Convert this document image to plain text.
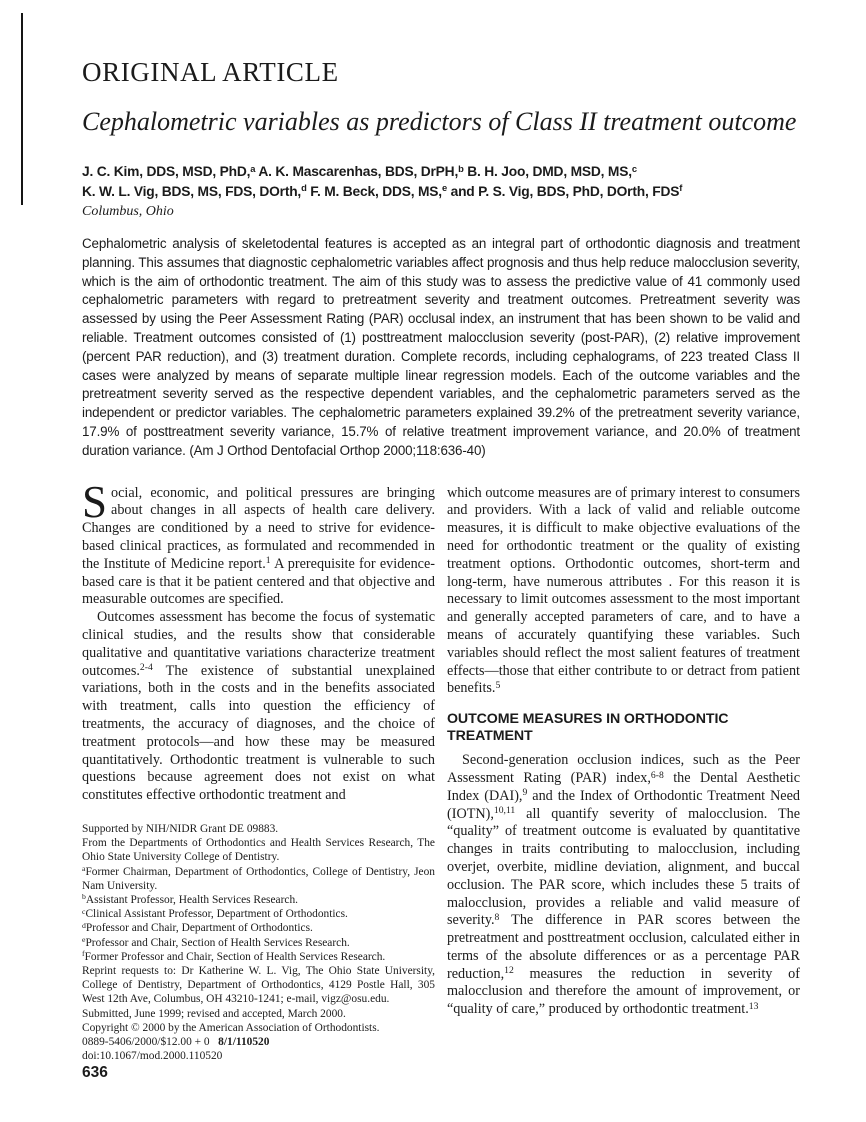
ORIGINAL ARTICLE
Cephalometric variables as predictors of Class II treatment outcome
J. C. Kim, DDS, MSD, PhD,$^a$ A. K. Mascarenhas, BDS, DrPH,$^b$ B. H. Joo, DMD, MSD, MS,$^c$
K. W. L. Vig, BDS, MS, FDS, DOrth,$^d$ F. M. Beck, DDS, MS,$^e$ and P. S. Vig, BDS, PhD, DOrth, FDS$^f$
Columbus, Ohio

Cephalometric analysis of skeletodental features is accepted as an integral part of orthodontic diagnosis and treatment planning. This assumes that diagnostic cephalometric variables affect prognosis and thus help reduce malocclusion severity, which is the aim of orthodontic treatment. The aim of this study was to assess the predictive value of 41 commonly used cephalometric parameters with regard to pretreatment severity and treatment outcomes. Pretreatment severity was assessed by using the Peer Assessment Rating (PAR) occlusal index, an instrument that has been shown to be valid and reliable. Treatment outcomes consisted of (1) posttreatment malocclusion severity (post-PAR), (2) relative improvement (percent PAR reduction), and (3) treatment duration. Complete records, including cephalograms, of 223 treated Class II cases were analyzed by means of separate multiple linear regression models. Each of the outcome variables and the pretreatment severity served as the respective dependent variables, and the cephalometric parameters served as the independent or predictor variables. The cephalometric parameters explained 39.2% of the pretreatment severity variance, 17.9% of posttreatment severity variance, 15.7% of relative treatment improvement variance, and 20.0% of treatment duration variance. (Am J Orthod Dentofacial Orthop 2000;118:636-40)

Social, economic, and political pressures are bringing about changes in all aspects of health care delivery. Changes are conditioned by a need to strive for evidence-based clinical practices, as formulated and recommended in the Institute of Medicine report.$^1$ A prerequisite for evidence-based care is that it be patient centered and that objective and measurable outcomes are specified.

Outcomes assessment has become the focus of systematic clinical studies, and the results show that considerable qualitative and quantitative variations characterize treatment outcomes.$^{2-4}$ The existence of substantial unexplained variations, both in the costs and in the benefits associated with treatment, calls into question the efficiency of treatments, the accuracy of diagnoses, and the choice of treatment protocols—and how these may be measured quantitatively. Orthodontic treatment is vulnerable to such questions because agreement does not exist on what constitutes effective orthodontic treatment and

Supported by NIH/NIDR Grant DE 09883.
From the Departments of Orthodontics and Health Services Research, The Ohio State University College of Dentistry.
$^a$Former Chairman, Department of Orthodontics, College of Dentistry, Jeon Nam University.
$^b$Assistant Professor, Health Services Research.
$^c$Clinical Assistant Professor, Department of Orthodontics.
$^d$Professor and Chair, Department of Orthodontics.
$^e$Professor and Chair, Section of Health Services Research.
$^f$Former Professor and Chair, Section of Health Services Research.
Reprint requests to: Dr Katherine W. L. Vig, The Ohio State University, College of Dentistry, Department of Orthodontics, 4129 Postle Hall, 305 West 12th Ave, Columbus, OH 43210-1241; e-mail, vigz@osu.edu.
Submitted, June 1999; revised and accepted, March 2000.
Copyright © 2000 by the American Association of Orthodontists.
0889-5406/2000/$12.00 + 0   8/1/110520
doi:10.1067/mod.2000.110520

which outcome measures are of primary interest to consumers and providers. With a lack of valid and reliable outcome measures, it is difficult to make objective evaluations of the need for orthodontic treatment or the quality of existing treatment options. Orthodontic outcomes, short-term and long-term, have numerous attributes . For this reason it is necessary to limit outcomes assessment to the most important and generally accepted parameters of care, and to have a means of accurately quantifying these variables. Such variables should reflect the most salient features of treatment effects—those that either contribute to or detract from patient benefits.$^5$

OUTCOME MEASURES IN ORTHODONTIC TREATMENT

Second-generation occlusion indices, such as the Peer Assessment Rating (PAR) index,$^{6-8}$ the Dental Aesthetic Index (DAI),$^9$ and the Index of Orthodontic Treatment Need (IOTN),$^{10,11}$ all quantify severity of malocclusion. The “quality” of treatment outcome is evaluated by quantitative changes in traits contributing to malocclusion, including overjet, overbite, midline deviation, alignment, and buccal occlusion. The PAR score, which includes these 5 traits of malocclusion, provides a reliable and valid measure of severity.$^8$ The difference in PAR scores between the pretreatment and posttreatment occlusion, calculated either in terms of the absolute differences or as a percentage PAR reduction,$^{12}$ measures the reduction in severity of malocclusion and therefore the amount of improvement, or “quality of care,” produced by orthodontic treatment.$^{13}$

636
